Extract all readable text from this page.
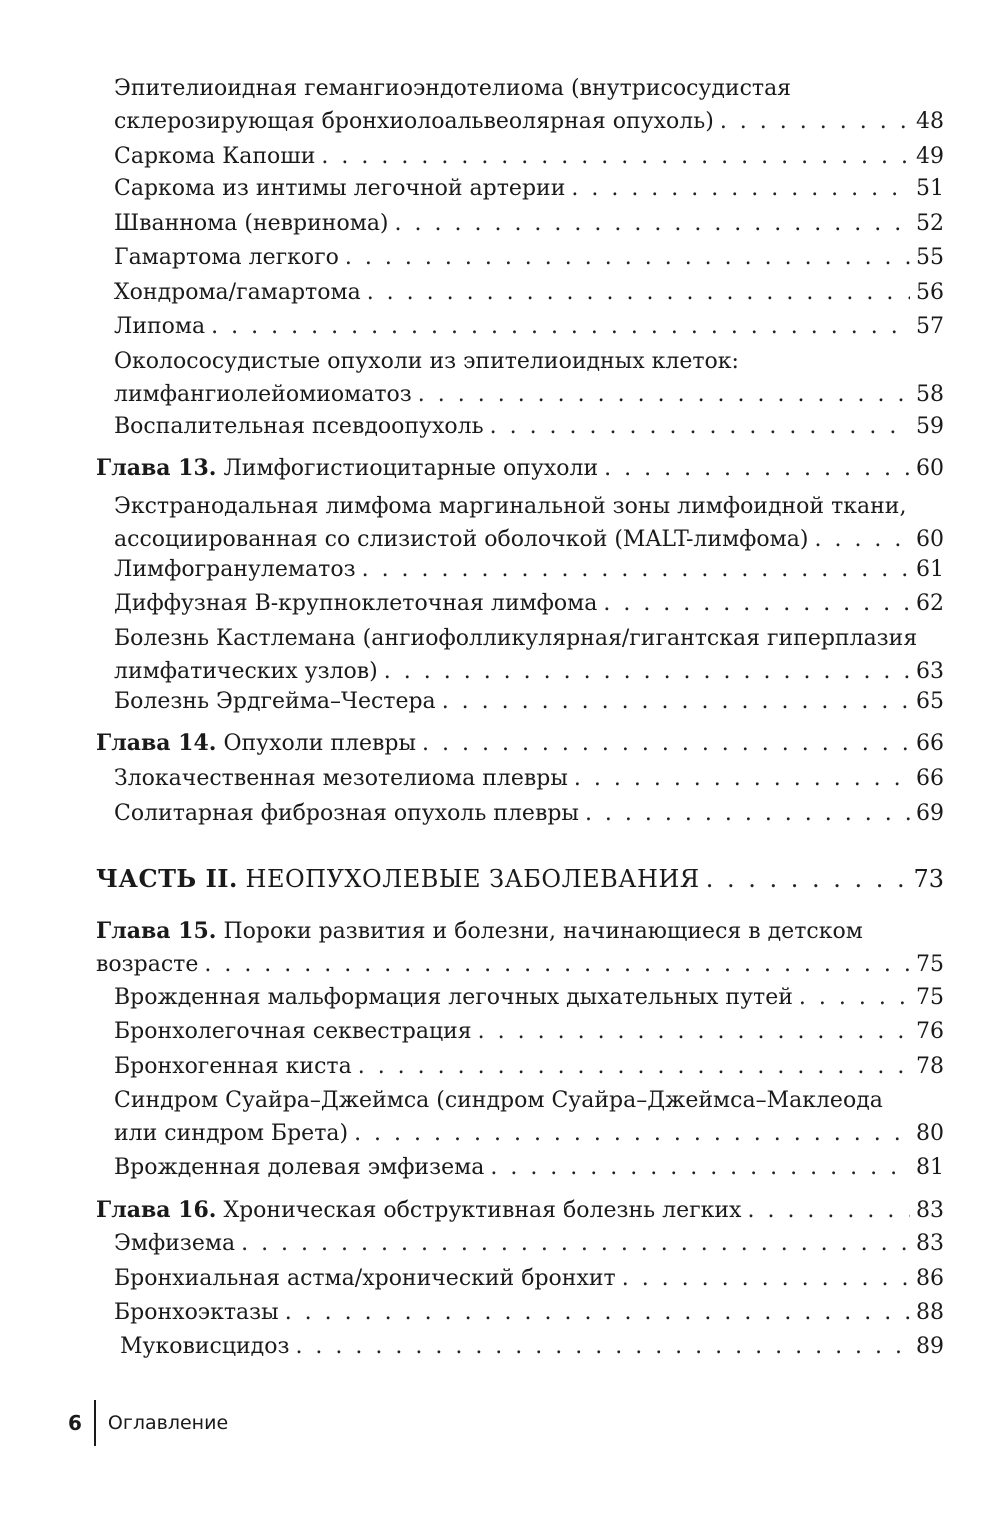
Эпителиоидная гемангиоэндотелиома (внутрисосудистая
склерозирующая бронхиолоальвеолярная опухоль) . . .	48
Саркома Капоши . . .	49
Саркома из интимы легочной артерии . . .	51
Шваннома (невринома) . . .	52
Гамартома легкого . . .	55
Хондрома/гамартома . . .	56
Липома . . .	57
Околососудистые опухоли из эпителиоидных клеток:
лимфангиолейомиоматоз . . .	58
Воспалительная псевдоопухоль . . .	59
Глава 13. Лимфогистиоцитарные опухоли . . .	60
Экстранодальная лимфома маргинальной зоны лимфоидной ткани,
ассоциированная со слизистой оболочкой (MALT-лимфома) . . .	60
Лимфогранулематоз . . .	61
Диффузная В-крупноклеточная лимфома . . .	62
Болезнь Кастлемана (ангиофолликулярная/гигантская гиперплазия
лимфатических узлов) . . .	63
Болезнь Эрдгейма–Честера . . .	65
Глава 14. Опухоли плевры . . .	66
Злокачественная мезотелиома плевры . . .	66
Солитарная фиброзная опухоль плевры . . .	69
ЧАСТЬ II. НЕОПУХОЛЕВЫЕ ЗАБОЛЕВАНИЯ . . .	73
Глава 15. Пороки развития и болезни, начинающиеся в детском
возрасте . . .	75
Врожденная мальформация легочных дыхательных путей . . .	75
Бронхолегочная секвестрация . . .	76
Бронхогенная киста . . .	78
Синдром Суайра–Джеймса (синдром Суайра–Джеймса–Маклеода
или синдром Брета) . . .	80
Врожденная долевая эмфизема . . .	81
Глава 16. Хроническая обструктивная болезнь легких . . .	83
Эмфизема . . .	83
Бронхиальная астма/хронический бронхит . . .	86
Бронхоэктазы . . .	88
Муковисцидоз . . .	89
6	Оглавление
